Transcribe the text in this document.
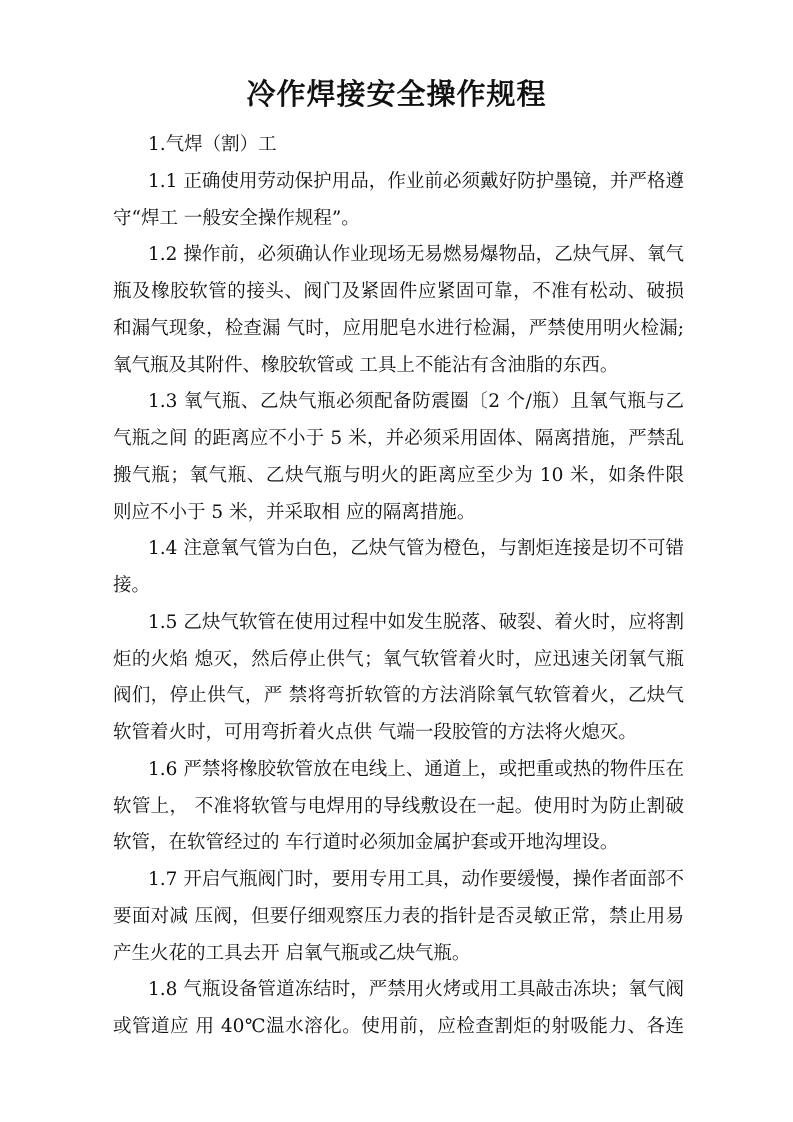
冷作焊接安全操作规程
1.气焊（割）工
1.1 正确使用劳动保护用品，作业前必须戴好防护墨镜，并严格遵
守“焊工 一般安全操作规程”。
1.2 操作前，必须确认作业现场无易燃易爆物品，乙炔气屏、氧气
瓶及橡胶软管的接头、阀门及紧固件应紧固可靠，不准有松动、破损
和漏气现象，检查漏 气时，应用肥皂水进行检漏，严禁使用明火检漏;
氧气瓶及其附件、橡胶软管或 工具上不能沾有含油脂的东西。
1.3 氧气瓶、乙炔气瓶必须配备防震圈〔2 个/瓶）且氧气瓶与乙
气瓶之间 的距离应不小于 5 米，并必须采用固体、隔离措施，严禁乱
搬气瓶；氧气瓶、乙炔气瓶与明火的距离应至少为 10 米，如条件限
则应不小于 5 米，并采取相 应的隔离措施。
1.4 注意氧气管为白色，乙炔气管为橙色，与割炬连接是切不可错
接。
1.5 乙炔气软管在使用过程中如发生脱落、破裂、着火时，应将割
炬的火焰 熄灭，然后停止供气；氧气软管着火时，应迅速关闭氧气瓶
阀们，停止供气，严 禁将弯折软管的方法消除氧气软管着火，乙炔气
软管着火时，可用弯折着火点供 气端一段胶管的方法将火熄灭。
1.6 严禁将橡胶软管放在电线上、通道上，或把重或热的物件压在
软管上， 不准将软管与电焊用的导线敷设在一起。使用时为防止割破
软管，在软管经过的 车行道时必须加金属护套或开地沟埋设。
1.7 开启气瓶阀门时，要用专用工具，动作要缓慢，操作者面部不
要面对减 压阀，但要仔细观察压力表的指针是否灵敏正常，禁止用易
产生火花的工具去开 启氧气瓶或乙炔气瓶。
1.8 气瓶设备管道冻结时，严禁用火烤或用工具敲击冻块；氧气阀
或管道应 用 40℃温水溶化。使用前，应检查割炬的射吸能力、各连
